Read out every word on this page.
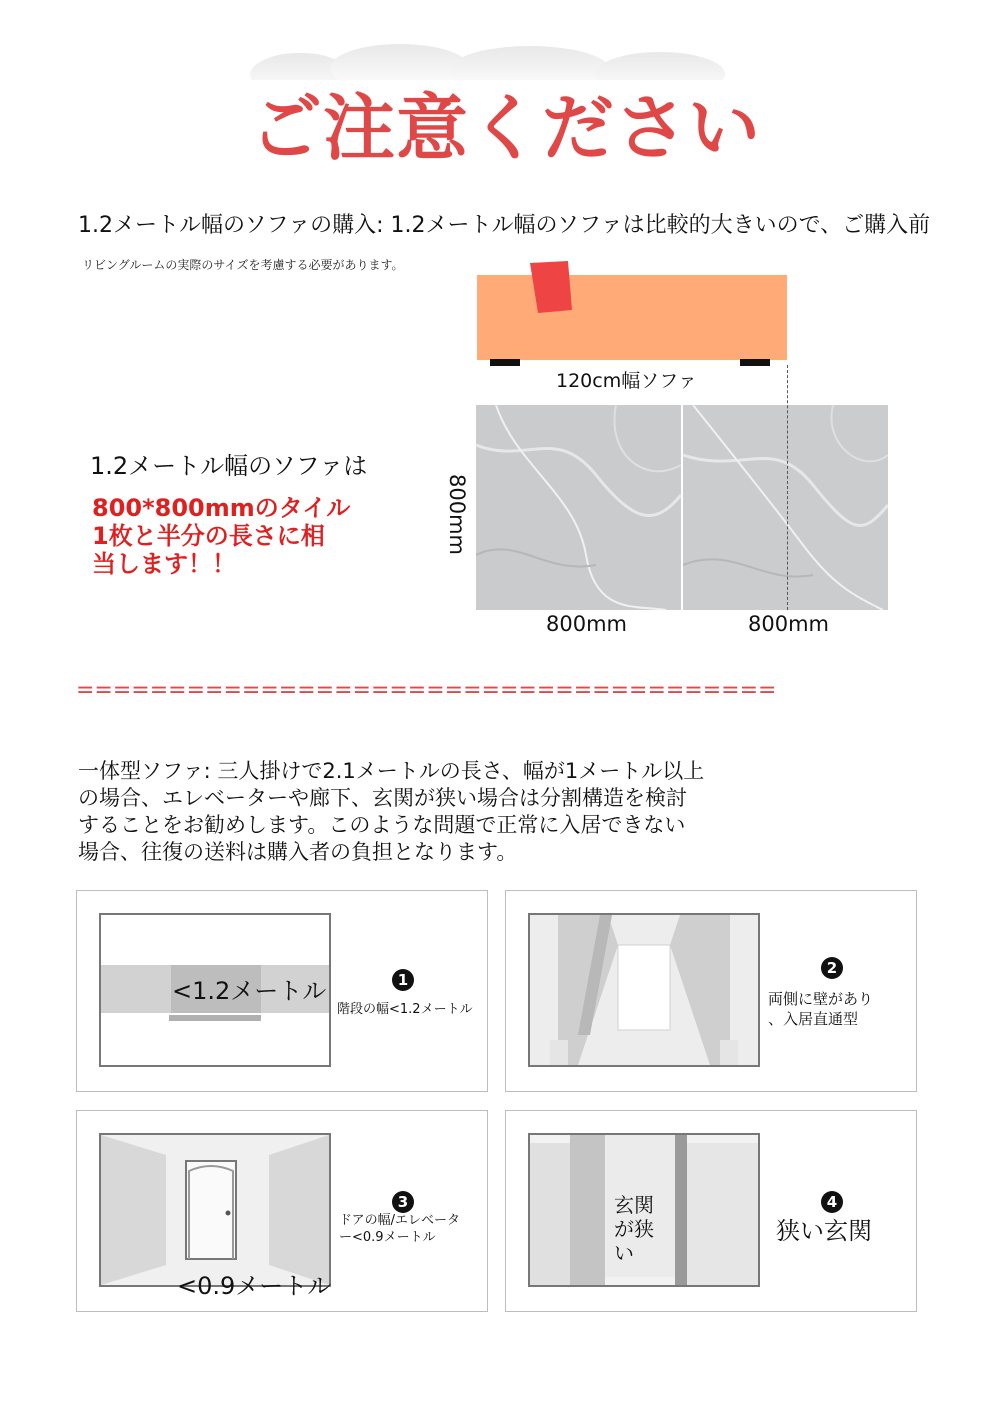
ご注意ください
1.2メートル幅のソファの購入: 1.2メートル幅のソファは比較的大きいので、ご購入前
リビングルームの実際のサイズを考慮する必要があります。
120cm幅ソファ
800mm	800mm
800mm
1.2メートル幅のソファは
800*800mmのタイル
1枚と半分の長さに相
当します！！
======================================
一体型ソファ: 三人掛けで2.1メートルの長さ、幅が1メートル以上
の場合、エレベーターや廊下、玄関が狭い場合は分割構造を検討
することをお勧めします。このような問題で正常に入居できない
場合、往復の送料は購入者の負担となります。
<1.2メートル	1
階段の幅<1.2メートル
2
両側に壁があり
、入居直通型
<0.9メートル
3
ドアの幅/エレベータ
ー<0.9メートル
玄関
が狭
い
4
狭い玄関
